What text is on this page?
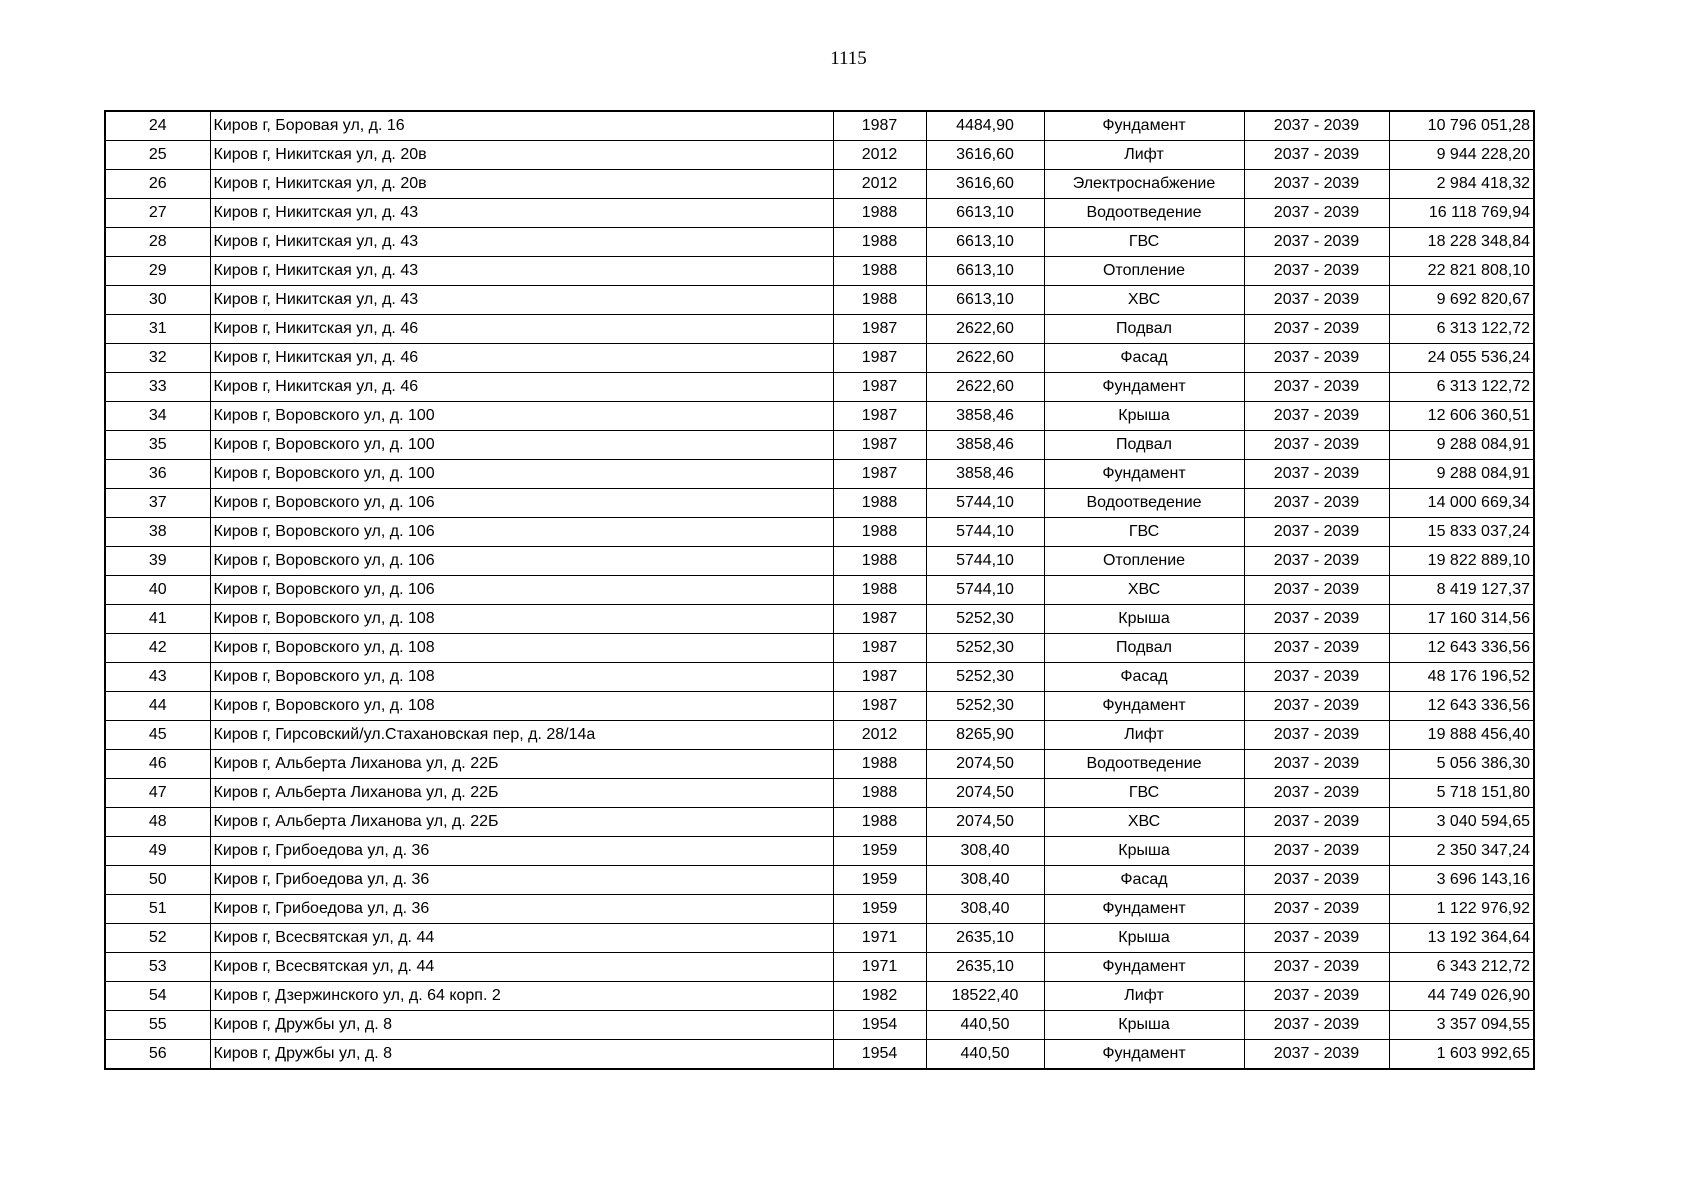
1115
24	Киров г, Боровая ул, д. 16	1987	4484,90	Фундамент	2037 - 2039	10 796 051,28
25	Киров г, Никитская ул, д. 20в	2012	3616,60	Лифт	2037 - 2039	9 944 228,20
26	Киров г, Никитская ул, д. 20в	2012	3616,60	Электроснабжение	2037 - 2039	2 984 418,32
27	Киров г, Никитская ул, д. 43	1988	6613,10	Водоотведение	2037 - 2039	16 118 769,94
28	Киров г, Никитская ул, д. 43	1988	6613,10	ГВС	2037 - 2039	18 228 348,84
29	Киров г, Никитская ул, д. 43	1988	6613,10	Отопление	2037 - 2039	22 821 808,10
30	Киров г, Никитская ул, д. 43	1988	6613,10	ХВС	2037 - 2039	9 692 820,67
31	Киров г, Никитская ул, д. 46	1987	2622,60	Подвал	2037 - 2039	6 313 122,72
32	Киров г, Никитская ул, д. 46	1987	2622,60	Фасад	2037 - 2039	24 055 536,24
33	Киров г, Никитская ул, д. 46	1987	2622,60	Фундамент	2037 - 2039	6 313 122,72
34	Киров г, Воровского ул, д. 100	1987	3858,46	Крыша	2037 - 2039	12 606 360,51
35	Киров г, Воровского ул, д. 100	1987	3858,46	Подвал	2037 - 2039	9 288 084,91
36	Киров г, Воровского ул, д. 100	1987	3858,46	Фундамент	2037 - 2039	9 288 084,91
37	Киров г, Воровского ул, д. 106	1988	5744,10	Водоотведение	2037 - 2039	14 000 669,34
38	Киров г, Воровского ул, д. 106	1988	5744,10	ГВС	2037 - 2039	15 833 037,24
39	Киров г, Воровского ул, д. 106	1988	5744,10	Отопление	2037 - 2039	19 822 889,10
40	Киров г, Воровского ул, д. 106	1988	5744,10	ХВС	2037 - 2039	8 419 127,37
41	Киров г, Воровского ул, д. 108	1987	5252,30	Крыша	2037 - 2039	17 160 314,56
42	Киров г, Воровского ул, д. 108	1987	5252,30	Подвал	2037 - 2039	12 643 336,56
43	Киров г, Воровского ул, д. 108	1987	5252,30	Фасад	2037 - 2039	48 176 196,52
44	Киров г, Воровского ул, д. 108	1987	5252,30	Фундамент	2037 - 2039	12 643 336,56
45	Киров г, Гирсовский/ул.Стахановская пер, д. 28/14а	2012	8265,90	Лифт	2037 - 2039	19 888 456,40
46	Киров г, Альберта Лиханова ул, д. 22Б	1988	2074,50	Водоотведение	2037 - 2039	5 056 386,30
47	Киров г, Альберта Лиханова ул, д. 22Б	1988	2074,50	ГВС	2037 - 2039	5 718 151,80
48	Киров г, Альберта Лиханова ул, д. 22Б	1988	2074,50	ХВС	2037 - 2039	3 040 594,65
49	Киров г, Грибоедова ул, д. 36	1959	308,40	Крыша	2037 - 2039	2 350 347,24
50	Киров г, Грибоедова ул, д. 36	1959	308,40	Фасад	2037 - 2039	3 696 143,16
51	Киров г, Грибоедова ул, д. 36	1959	308,40	Фундамент	2037 - 2039	1 122 976,92
52	Киров г, Всесвятская ул, д. 44	1971	2635,10	Крыша	2037 - 2039	13 192 364,64
53	Киров г, Всесвятская ул, д. 44	1971	2635,10	Фундамент	2037 - 2039	6 343 212,72
54	Киров г, Дзержинского ул, д. 64 корп. 2	1982	18522,40	Лифт	2037 - 2039	44 749 026,90
55	Киров г, Дружбы ул, д. 8	1954	440,50	Крыша	2037 - 2039	3 357 094,55
56	Киров г, Дружбы ул, д. 8	1954	440,50	Фундамент	2037 - 2039	1 603 992,65
